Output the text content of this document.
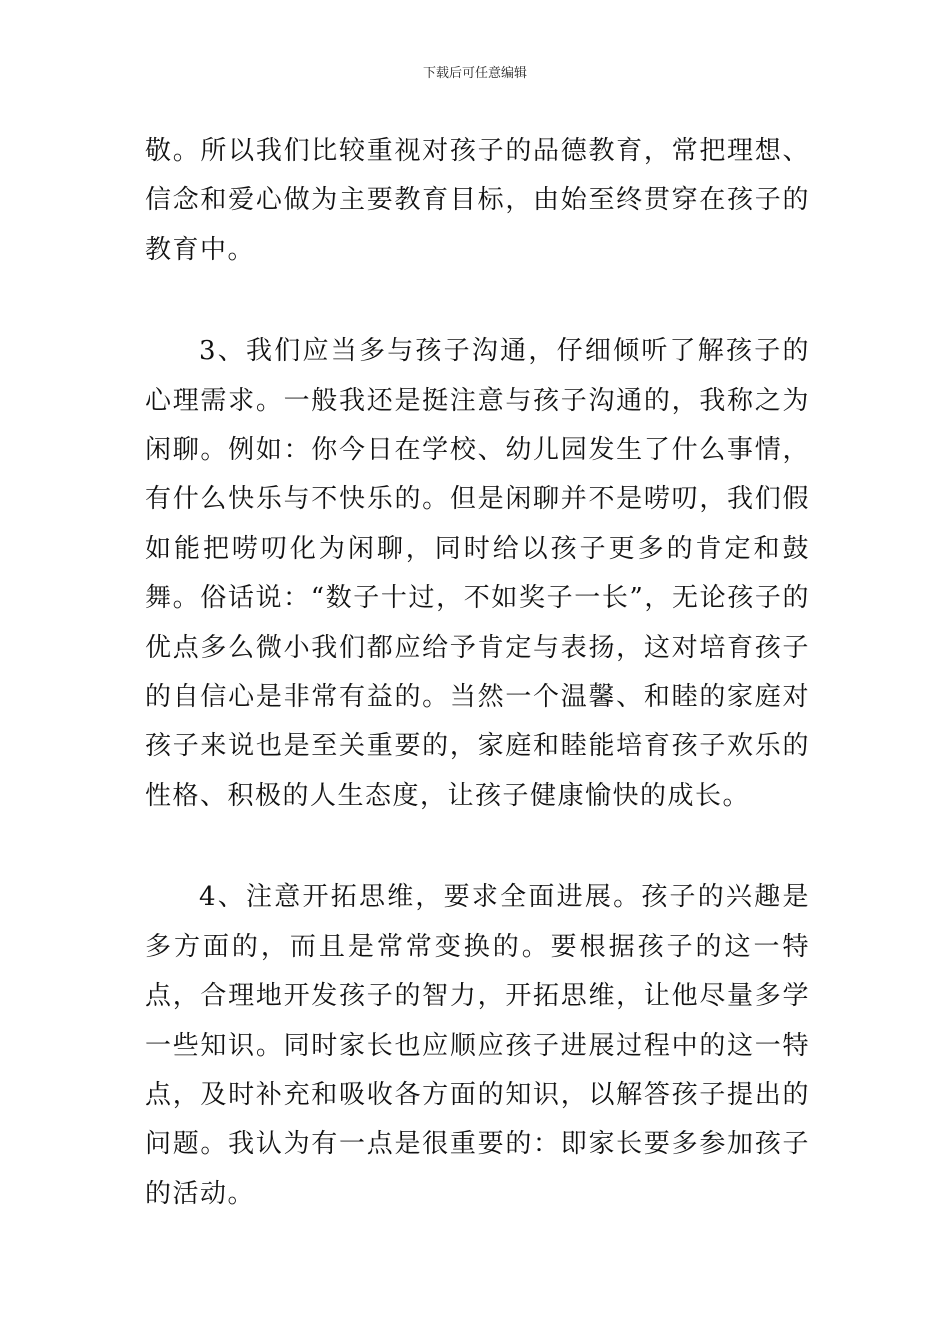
下载后可任意编辑

敬。所以我们比较重视对孩子的品德教育，常把理想、信念和爱心做为主要教育目标，由始至终贯穿在孩子的教育中。

3、我们应当多与孩子沟通，仔细倾听了解孩子的心理需求。一般我还是挺注意与孩子沟通的，我称之为闲聊。例如：你今日在学校、幼儿园发生了什么事情，有什么快乐与不快乐的。但是闲聊并不是唠叨，我们假如能把唠叨化为闲聊，同时给以孩子更多的肯定和鼓舞。俗话说：“数子十过，不如奖子一长”，无论孩子的优点多么微小我们都应给予肯定与表扬，这对培育孩子的自信心是非常有益的。当然一个温馨、和睦的家庭对孩子来说也是至关重要的，家庭和睦能培育孩子欢乐的性格、积极的人生态度，让孩子健康愉快的成长。

4、注意开拓思维，要求全面进展。孩子的兴趣是多方面的，而且是常常变换的。要根据孩子的这一特点，合理地开发孩子的智力，开拓思维，让他尽量多学一些知识。同时家长也应顺应孩子进展过程中的这一特点，及时补充和吸收各方面的知识，以解答孩子提出的问题。我认为有一点是很重要的：即家长要多参加孩子的活动。
